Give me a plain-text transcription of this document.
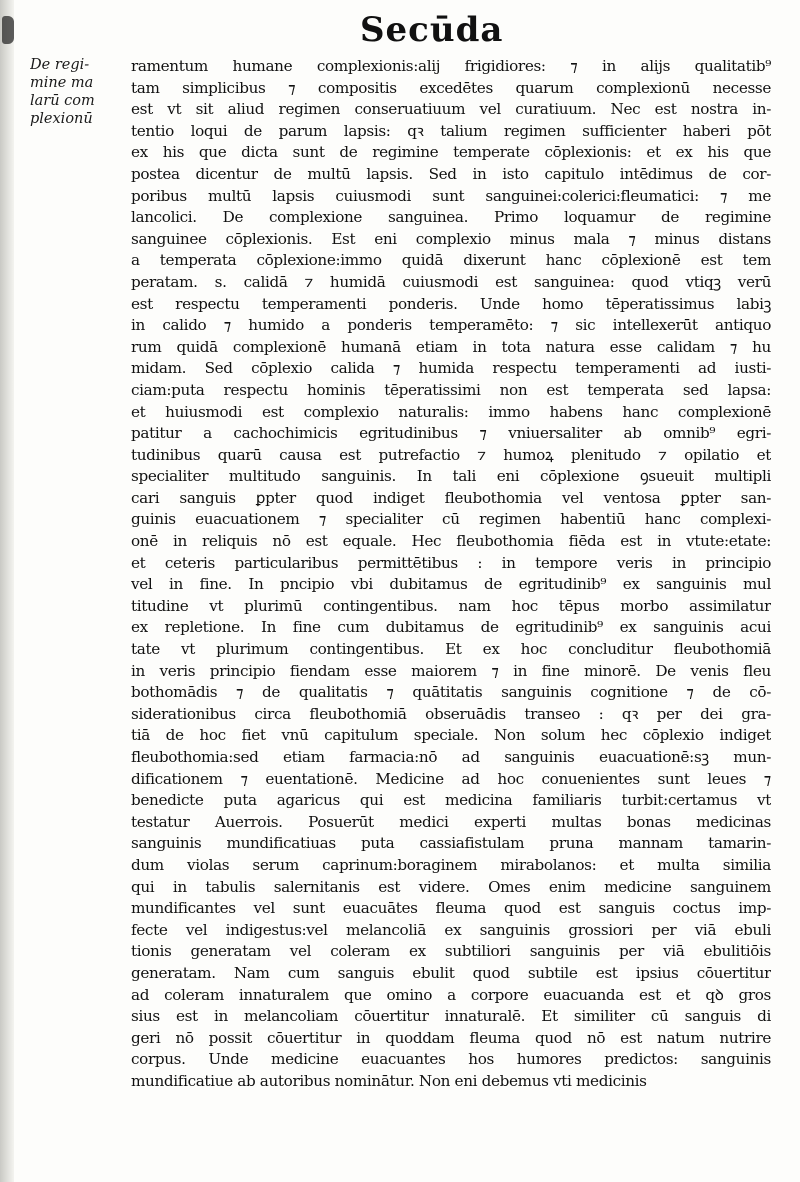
Secūda
De regi-
mine ma
larū com
plexionū
ramentum humane complexionis:alij frigidiores: ⁊ in alijs qualitatib⁹
tam simplicibus ⁊ compositis excedētes quarum complexionū necesse
est vt sit aliud regimen conseruatiuum vel curatiuum. Nec est nostra in-
tentio loqui de parum lapsis: qꝛ talium regimen sufficienter haberi pōt
ex his que dicta sunt de regimine temperate cōplexionis: et ex his que
postea dicentur de multū lapsis. Sed in isto capitulo intēdimus de cor-
poribus multū lapsis cuiusmodi sunt sanguinei:colerici:fleumatici: ⁊ me
lancolici. De complexione sanguinea. Primo loquamur de regimine
sanguinee cōplexionis. Est eni complexio minus mala ⁊ minus distans
a temperata cōplexione:immo quidā dixerunt hanc cōplexionē est tem
peratam. s. calidā ⁊ humidā cuiusmodi est sanguinea: quod vtiqꝫ verū
est respectu temperamenti ponderis. Unde homo tēperatissimus labiꝫ
in calido ⁊ humido a ponderis temperamēto: ⁊ sic intellexerūt antiquo
rum quidā complexionē humanā etiam in tota natura esse calidam ⁊ hu
midam. Sed cōplexio calida ⁊ humida respectu temperamenti ad iusti-
ciam:puta respectu hominis tēperatissimi non est temperata sed lapsa:
et huiusmodi est complexio naturalis: immo habens hanc complexionē
patitur a cachochimicis egritudinibus ⁊ vniuersaliter ab omnib⁹ egri-
tudinibus quarū causa est putrefactio ⁊ humoꝝ plenitudo ⁊ opilatio et
specialiter multitudo sanguinis. In tali eni cōplexione ꝯsueuit multipli
cari sanguis ꝑpter quod indiget fleubothomia vel ventosa ꝑpter san-
guinis euacuationem ⁊ specialiter cū regimen habentiū hanc complexi-
onē in reliquis nō est equale. Hec fleubothomia fiēda est in vtute:etate:
et ceteris particularibus permittētibus : in tempore veris in principio
vel in fine. In pncipio vbi dubitamus de egritudinib⁹ ex sanguinis mul
titudine vt plurimū contingentibus. nam hoc tēpus morbo assimilatur
ex repletione. In fine cum dubitamus de egritudinib⁹ ex sanguinis acui
tate vt plurimum contingentibus. Et ex hoc concluditur fleubothomiā
in veris principio fiendam esse maiorem ⁊ in fine minorē. De venis fleu
bothomādis ⁊ de qualitatis ⁊ quātitatis sanguinis cognitione ⁊ de cō-
siderationibus circa fleubothomiā obseruādis transeo : qꝛ per dei gra-
tiā de hoc fiet vnū capitulum speciale. Non solum hec cōplexio indiget
fleubothomia:sed etiam farmacia:nō ad sanguinis euacuationē:sꝫ mun-
dificationem ⁊ euentationē. Medicine ad hoc conuenientes sunt leues ⁊
benedicte puta agaricus qui est medicina familiaris turbit:certamus vt
testatur Auerrois. Posuerūt medici experti multas bonas medicinas
sanguinis mundificatiuas puta cassiafistulam pruna mannam tamarin-
dum violas serum caprinum:boraginem mirabolanos: et multa similia
qui in tabulis salernitanis est videre. Omes enim medicine sanguinem
mundificantes vel sunt euacuātes fleuma quod est sanguis coctus imp-
fecte vel indigestus:vel melancoliā ex sanguinis grossiori per viā ebuli
tionis generatam vel coleram ex subtiliori sanguinis per viā ebulitiōis
generatam. Nam cum sanguis ebulit quod subtile est ipsius cōuertitur
ad coleram innaturalem que omino a corpore euacuanda est et qꝺ gros
sius est in melancoliam cōuertitur innaturalē. Et similiter cū sanguis di
geri nō possit cōuertitur in quoddam fleuma quod nō est natum nutrire
corpus. Unde medicine euacuantes hos humores predictos: sanguinis
mundificatiue ab autoribus nominātur. Non eni debemus vti medicinis
